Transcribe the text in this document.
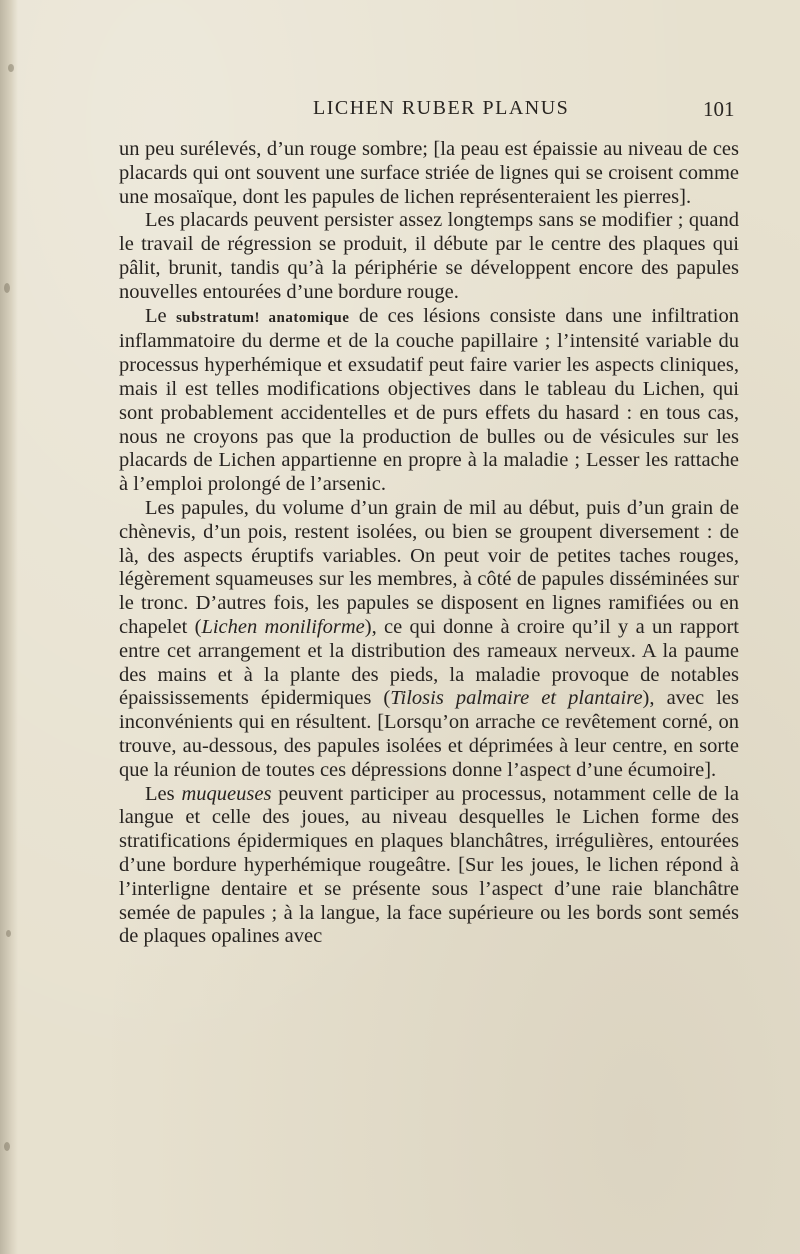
LICHEN RUBER PLANUS	101

un peu surélevés, d’un rouge sombre; [la peau est épaissie au niveau de ces placards qui ont souvent une surface striée de lignes qui se croisent comme une mosaïque, dont les papules de lichen représenteraient les pierres].

Les placards peuvent persister assez longtemps sans se modifier ; quand le travail de régression se produit, il débute par le centre des plaques qui pâlit, brunit, tandis qu’à la périphérie se développent encore des papules nouvelles entourées d’une bordure rouge.

Le substratum! anatomique de ces lésions consiste dans une infiltration inflammatoire du derme et de la couche papillaire ; l’intensité variable du processus hyperhémique et exsudatif peut faire varier les aspects cliniques, mais il est telles modifications objectives dans le tableau du Lichen, qui sont probablement accidentelles et de purs effets du hasard : en tous cas, nous ne croyons pas que la production de bulles ou de vésicules sur les placards de Lichen appartienne en propre à la maladie ; Lesser les rattache à l’emploi prolongé de l’arsenic.

Les papules, du volume d’un grain de mil au début, puis d’un grain de chènevis, d’un pois, restent isolées, ou bien se groupent diversement : de là, des aspects éruptifs variables. On peut voir de petites taches rouges, légèrement squameuses sur les membres, à côté de papules disséminées sur le tronc. D’autres fois, les papules se disposent en lignes ramifiées ou en chapelet (Lichen moniliforme), ce qui donne à croire qu’il y a un rapport entre cet arrangement et la distribution des rameaux nerveux. A la paume des mains et à la plante des pieds, la maladie provoque de notables épaississements épidermiques (Tilosis palmaire et plantaire), avec les inconvénients qui en résultent. [Lorsqu’on arrache ce revêtement corné, on trouve, au-dessous, des papules isolées et déprimées à leur centre, en sorte que la réunion de toutes ces dépressions donne l’aspect d’une écumoire].

Les muqueuses peuvent participer au processus, notamment celle de la langue et celle des joues, au niveau desquelles le Lichen forme des stratifications épidermiques en plaques blanchâtres, irrégulières, entourées d’une bordure hyperhémique rougeâtre. [Sur les joues, le lichen répond à l’interligne dentaire et se présente sous l’aspect d’une raie blanchâtre semée de papules ; à la langue, la face supérieure ou les bords sont semés de plaques opalines avec
